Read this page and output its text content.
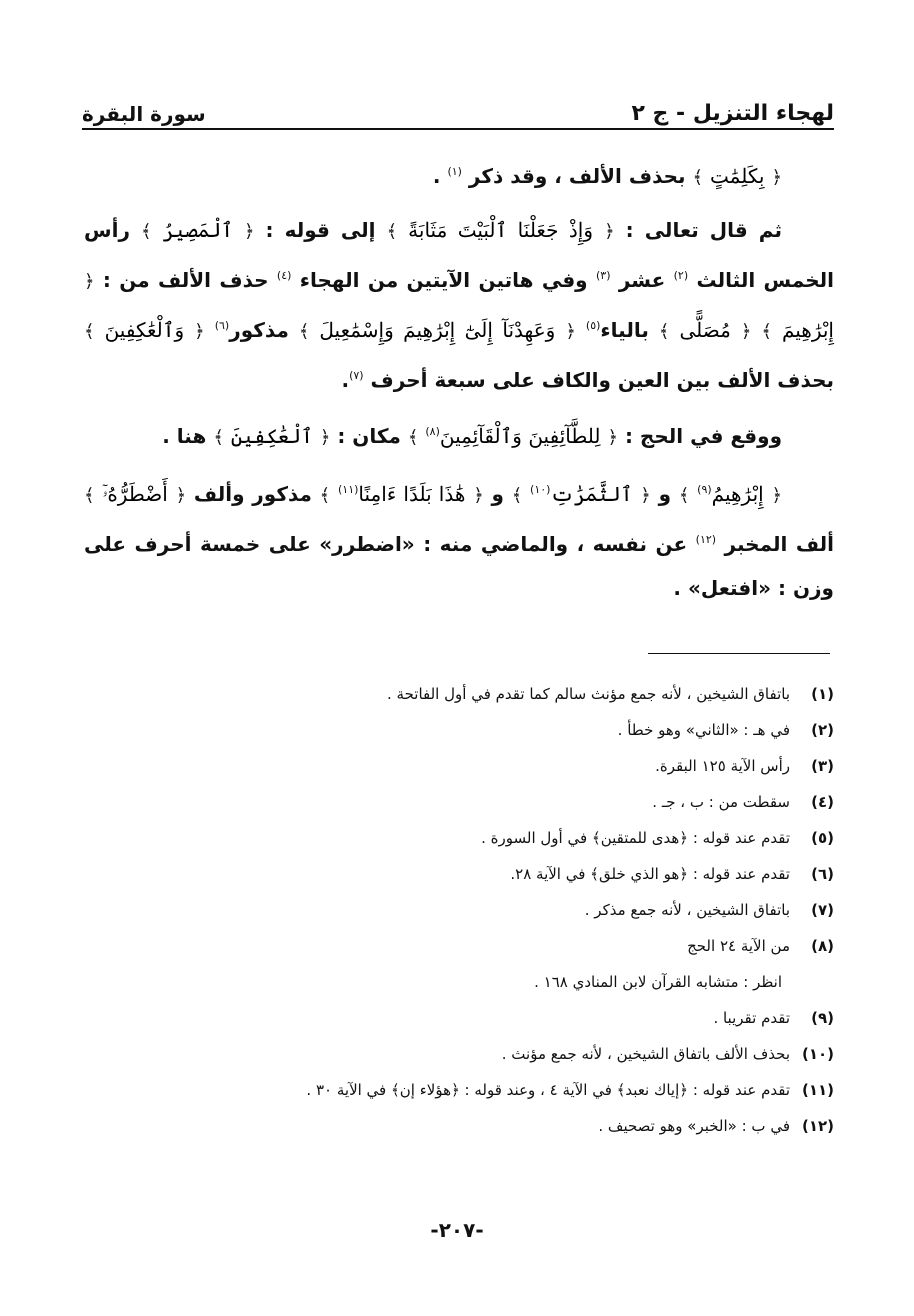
لهجاء التنزيل - ج ٢
سورة البقرة

﴿ بِكَلِمَٰتٍ ﴾ بحذف الألف ، وقد ذكر $^{(١)}$ .

ثم قال تعالى : ﴿ وَإِذْ جَعَلْنَا ٱلْبَيْتَ مَثَابَةً ﴾ إلى قوله : ﴿ ٱلْمَصِيرُ ﴾ رأس الخمس الثالث $^{(٢)}$ عشر $^{(٣)}$ وفي هاتين الآيتين من الهجاء $^{(٤)}$ حذف الألف من : ﴿ إِبْرَٰهِيمَ ﴾ ﴿ مُصَلًّى ﴾ بالياء$^{(٥)}$ ﴿ وَعَهِدْنَآ إِلَىٰٓ إِبْرَٰهِيمَ وَإِسْمَٰعِيلَ ﴾ مذكور$^{(٦)}$ ﴿ وَٱلْعَٰكِفِينَ ﴾ بحذف الألف بين العين والكاف على سبعة أحرف $^{(٧)}$.

ووقع في الحج : ﴿ لِلطَّآئِفِينَ وَٱلْقَآئِمِينَ$^{(٨)}$ ﴾ مكان : ﴿ ٱلْعَٰكِفِينَ ﴾ هنا .

﴿ إِبْرَٰهِيمُ$^{(٩)}$ ﴾ و ﴿ ٱلثَّمَرَٰتِ$^{(١٠)}$ ﴾ و ﴿ هَٰذَا بَلَدًا ءَامِنًا$^{(١١)}$ ﴾ مذكور وألف ﴿ أَضْطَرُّهُۥٓ ﴾ ألف المخبر $^{(١٢)}$ عن نفسه ، والماضي منه : «اضطرر» على خمسة أحرف على وزن : «افتعل» .

(١)
باتفاق الشيخين ، لأنه جمع مؤنث سالم كما تقدم في أول الفاتحة .
(٢)
في هـ : «الثاني» وهو خطأ .
(٣)
رأس الآية ١٢٥ البقرة.
(٤)
سقطت من : ب ، جـ .
(٥)
تقدم عند قوله : ﴿هدى للمتقين﴾ في أول السورة .
(٦)
تقدم عند قوله : ﴿هو الذي خلق﴾ في الآية ٢٨.
(٧)
باتفاق الشيخين ، لأنه جمع مذكر .
(٨)
من الآية ٢٤ الحج
انظر : متشابه القرآن لابن المنادي ١٦٨ .
(٩)
تقدم تقريبا .
(١٠)
بحذف الألف باتفاق الشيخين ، لأنه جمع مؤنث .
(١١)
تقدم عند قوله : ﴿إياك نعبد﴾ في الآية ٤ ، وعند قوله : ﴿هؤلاء إن﴾ في الآية ٣٠ .
(١٢)
في ب : «الخبر» وهو تصحيف .
-٢٠٧-
